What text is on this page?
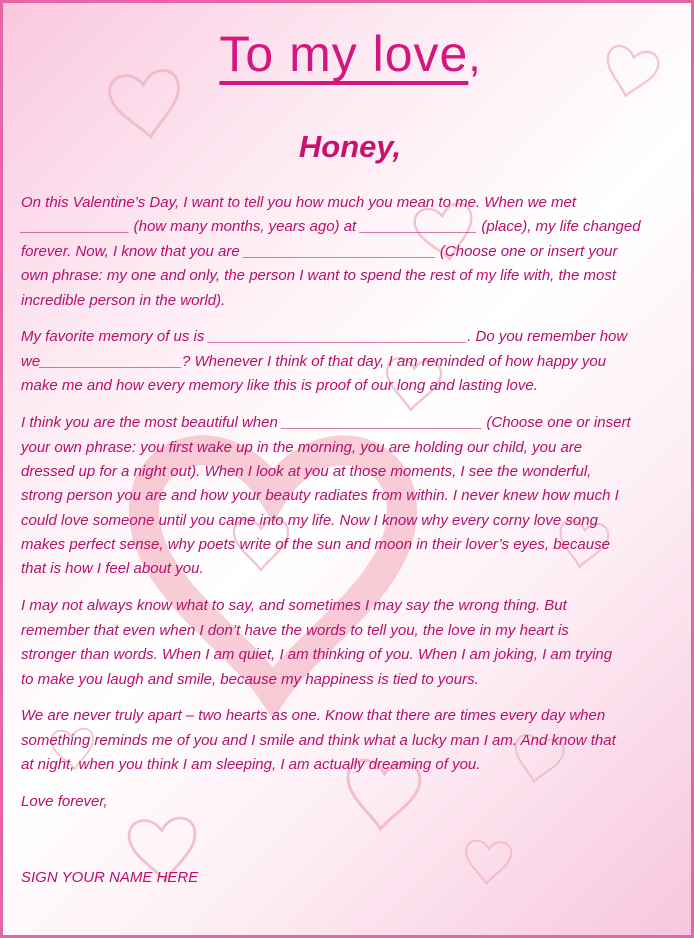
To my love,
Honey,
On this Valentine’s Day, I want to tell you how much you mean to me. When we met
_____________ (how many months, years ago) at ______________ (place), my life changed
forever. Now, I know that you are _______________________ (Choose one or insert your
own phrase: my one and only, the person I want to spend the rest of my life with, the most
incredible person in the world).
My favorite memory of us is _______________________________. Do you remember how
we_________________? Whenever I think of that day, I am reminded of how happy you
make me and how every memory like this is proof of our long and lasting love.
I think you are the most beautiful when ________________________ (Choose one or insert
your own phrase: you first wake up in the morning, you are holding our child, you are
dressed up for a night out). When I look at you at those moments, I see the wonderful,
strong person you are and how your beauty radiates from within. I never knew how much I
could love someone until you came into my life. Now I know why every corny love song
makes perfect sense, why poets write of the sun and moon in their lover’s eyes, because
that is how I feel about you.
I may not always know what to say, and sometimes I may say the wrong thing. But
remember that even when I don’t have the words to tell you, the love in my heart is
stronger than words. When I am quiet, I am thinking of you. When I am joking, I am trying
to make you laugh and smile, because my happiness is tied to yours.
We are never truly apart – two hearts as one. Know that there are times every day when
something reminds me of you and I smile and think what a lucky man I am. And know that
at night, when you think I am sleeping, I am actually dreaming of you.
Love forever,
SIGN YOUR NAME HERE
